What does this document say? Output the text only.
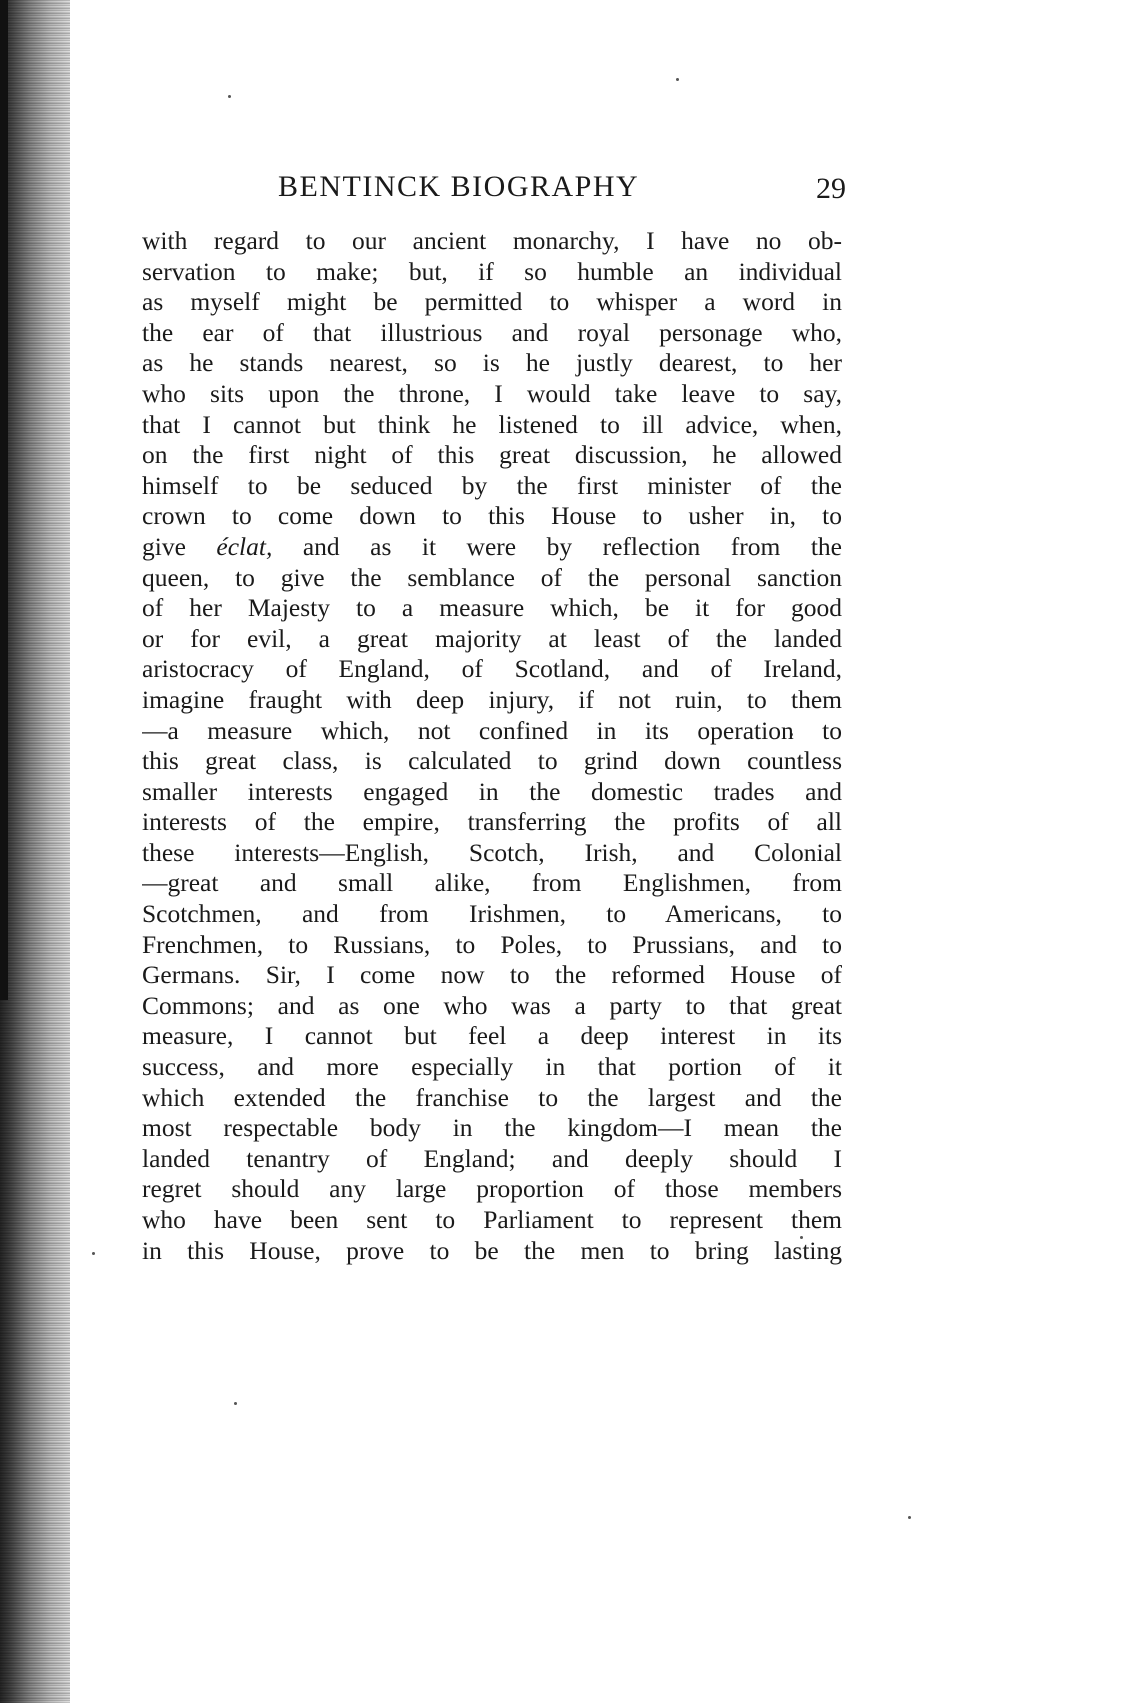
BENTINCK BIOGRAPHY	29
with regard to our ancient monarchy, I have no ob-
servation to make; but, if so humble an individual
as myself might be permitted to whisper a word in
the ear of that illustrious and royal personage who,
as he stands nearest, so is he justly dearest, to her
who sits upon the throne, I would take leave to say,
that I cannot but think he listened to ill advice, when,
on the first night of this great discussion, he allowed
himself to be seduced by the first minister of the
crown to come down to this House to usher in, to
give éclat, and as it were by reflection from the
queen, to give the semblance of the personal sanction
of her Majesty to a measure which, be it for good
or for evil, a great majority at least of the landed
aristocracy of England, of Scotland, and of Ireland,
imagine fraught with deep injury, if not ruin, to them
—a measure which, not confined in its operation to
this great class, is calculated to grind down countless
smaller interests engaged in the domestic trades and
interests of the empire, transferring the profits of all
these interests—English, Scotch, Irish, and Colonial
—great and small alike, from Englishmen, from
Scotchmen, and from Irishmen, to Americans, to
Frenchmen, to Russians, to Poles, to Prussians, and to
Germans. Sir, I come now to the reformed House of
Commons; and as one who was a party to that great
measure, I cannot but feel a deep interest in its
success, and more especially in that portion of it
which extended the franchise to the largest and the
most respectable body in the kingdom—I mean the
landed tenantry of England; and deeply should I
regret should any large proportion of those members
who have been sent to Parliament to represent them
in this House, prove to be the men to bring lasting
